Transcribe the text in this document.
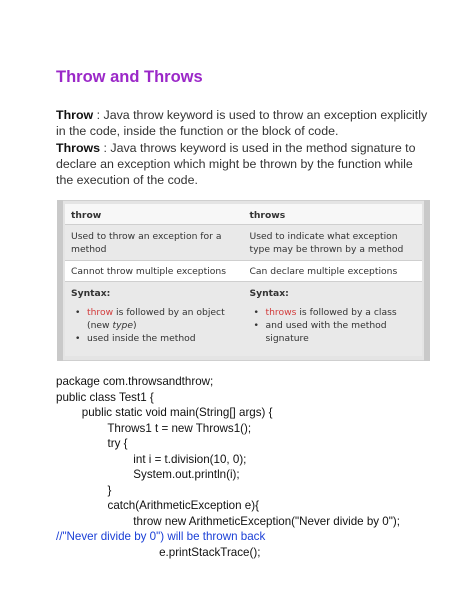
Throw and Throws
Throw : Java throw keyword is used to throw an exception explicitly in the code, inside the function or the block of code.
Throws : Java throws keyword is used in the method signature to declare an exception which might be thrown by the function while the execution of the code.
throw	throws
Used to throw an exception for a method
Used to indicate what exception type may be thrown by a method
Cannot throw multiple exceptions	Can declare multiple exceptions
Syntax:
• throw is followed by an object
(new type)
• used inside the method
Syntax:
• throws is followed by a class
• and used with the method signature
package com.throwsandthrow;
public class Test1 {
public static void main(String[] args) {
Throws1 t = new Throws1();
try {
int i = t.division(10, 0);
System.out.println(i);
}
catch(ArithmeticException e){
throw new ArithmeticException("Never divide by 0");
//"Never divide by 0") will be thrown back
e.printStackTrace();
